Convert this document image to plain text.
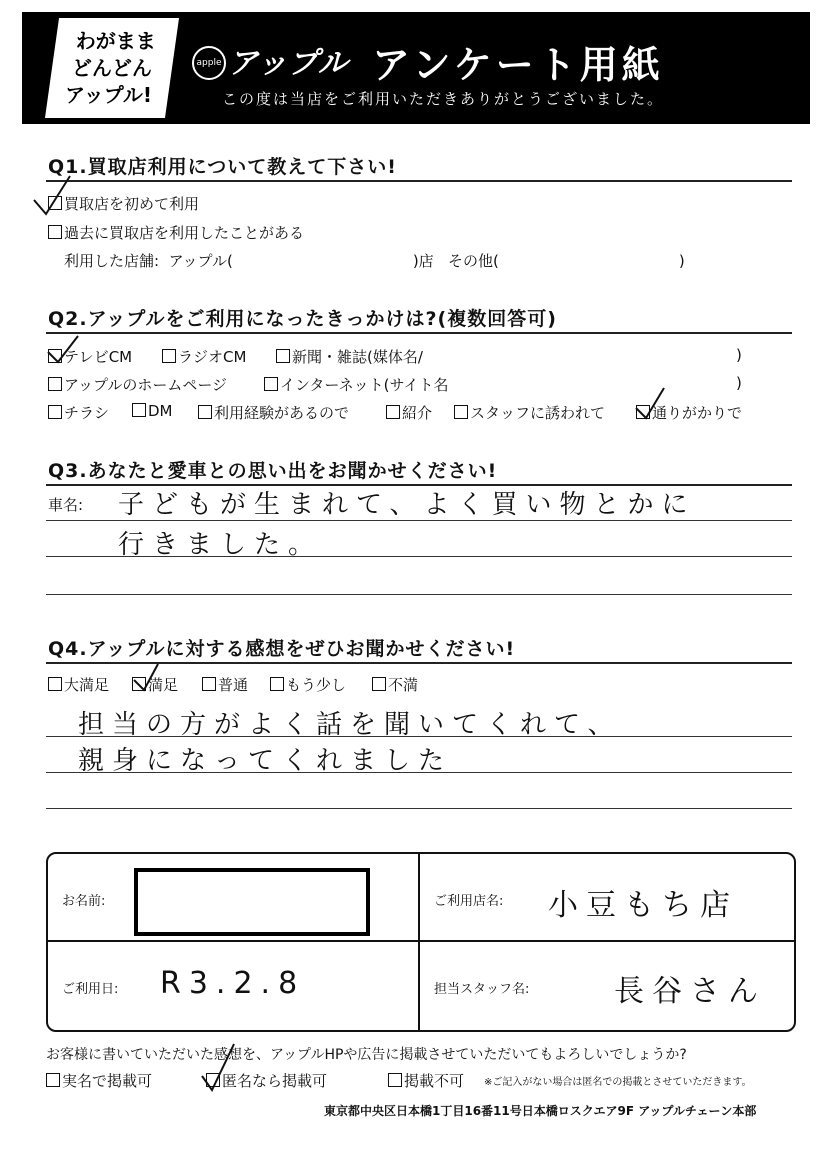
わがまま
どんどん
アップル!
apple アップル アンケート用紙
この度は当店をご利用いただきありがとうございました。
Q1.買取店利用について教えて下さい!
買取店を初めて利用
過去に買取店を利用したことがある
利用した店舗: アップル(	)店 その他(	)
Q2.アップルをご利用になったきっかけは?(複数回答可)
テレビCM	ラジオCM	新聞・雑誌(媒体名/	)
アップルのホームページ	インターネット(サイト名	)
チラシ	DM	利用経験があるので	紹介	スタッフに誘われて	通りがかりで
Q3.あなたと愛車との思い出をお聞かせください!
車名: 子どもが生まれて、よく買い物とかに
行きました。
Q4.アップルに対する感想をぜひお聞かせください!
大満足	満足	普通	もう少し	不満
担当の方がよく話を聞いてくれて、
親身になってくれました
お名前:	ご利用店名: 小豆もち店
ご利用日: R3.2.8	担当スタッフ名:	長谷さん
お客様に書いていただいた感想を、アップルHPや広告に掲載させていただいてもよろしいでしょうか?
実名で掲載可	匿名なら掲載可	掲載不可 ※ご記入がない場合は匿名での掲載とさせていただきます。
東京都中央区日本橋1丁目16番11号日本橋ロスクエア9F アップルチェーン本部
